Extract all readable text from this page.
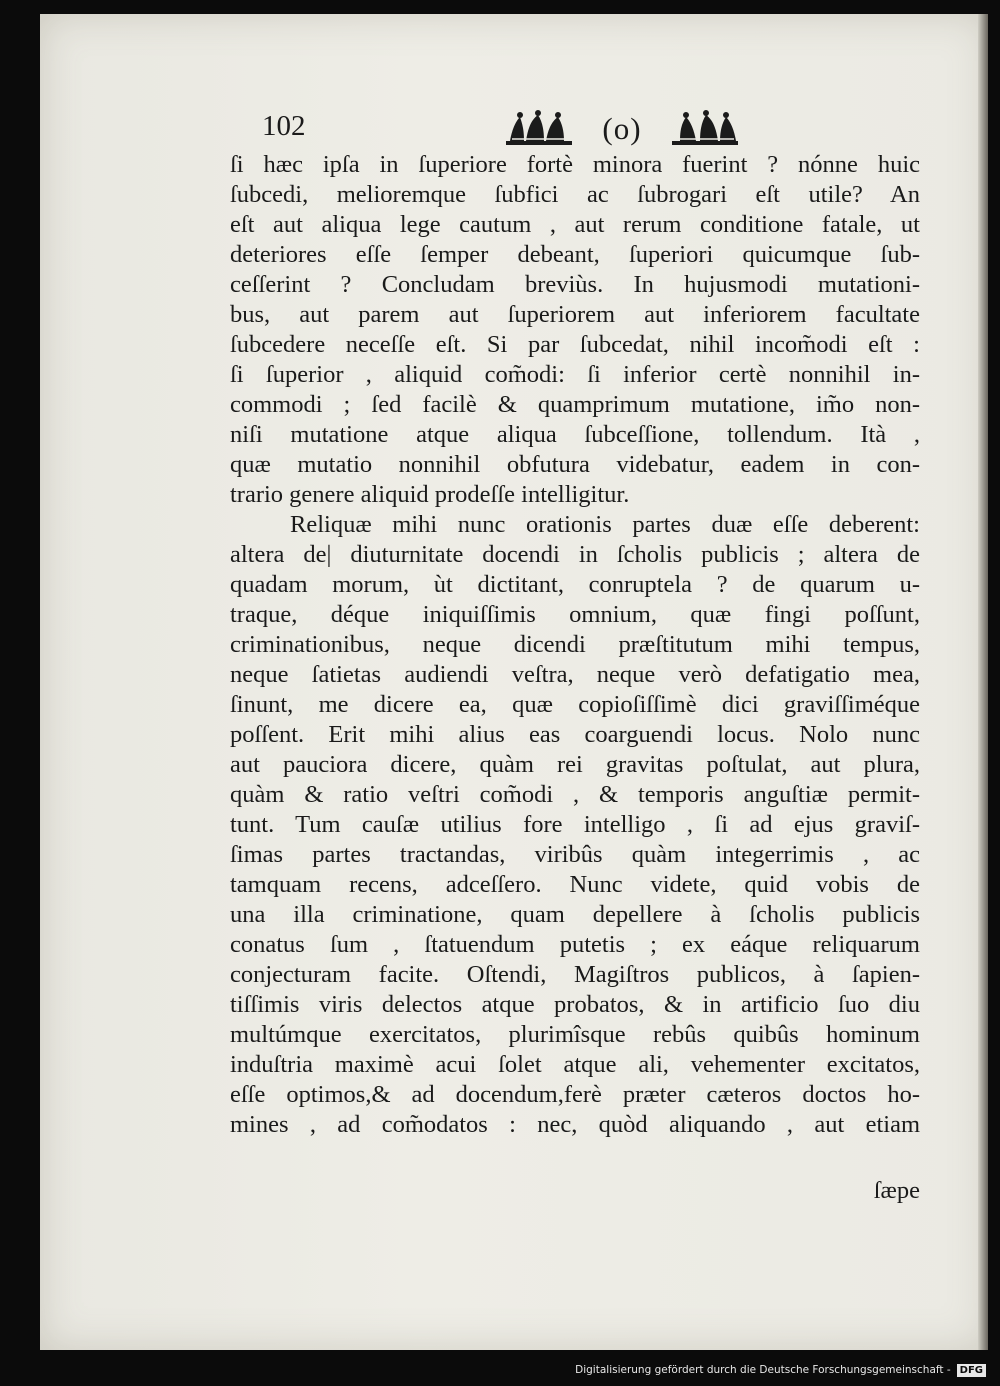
102	(o)
ſi hæc ipſa in ſuperiore fortè minora fuerint ? nónne huic
ſubcedi, melioremque ſubfici ac ſubrogari eſt utile? An
eſt aut aliqua lege cautum , aut rerum conditione fatale, ut
deteriores eſſe ſemper debeant, ſuperiori quicumque ſub-
ceſſerint ? Concludam breviùs. In hujusmodi mutationi-
bus, aut parem aut ſuperiorem aut inferiorem facultate
ſubcedere neceſſe eſt. Si par ſubcedat, nihil incom̃odi eſt :
ſi ſuperior , aliquid com̃odi: ſi inferior certè nonnihil in-
commodi ; ſed facilè & quamprimum mutatione, im̃o non-
niſi mutatione atque aliqua ſubceſſione, tollendum. Ità ,
quæ mutatio nonnihil obfutura videbatur, eadem in con-
trario genere aliquid prodeſſe intelligitur.
Reliquæ mihi nunc orationis partes duæ eſſe deberent:
altera de| diuturnitate docendi in ſcholis publicis ; altera de
quadam morum, ùt dictitant, conruptela ? de quarum u-
traque, déque iniquiſſimis omnium, quæ fingi poſſunt,
criminationibus, neque dicendi præſtitutum mihi tempus,
neque ſatietas audiendi veſtra, neque verò defatigatio mea,
ſinunt, me dicere ea, quæ copioſiſſimè dici graviſſiméque
poſſent. Erit mihi alius eas coarguendi locus. Nolo nunc
aut pauciora dicere, quàm rei gravitas poſtulat, aut plura,
quàm & ratio veſtri com̃odi , & temporis anguſtiæ permit-
tunt. Tum cauſæ utilius fore intelligo , ſi ad ejus graviſ-
ſimas partes tractandas, viribûs quàm integerrimis , ac
tamquam recens, adceſſero. Nunc videte, quid vobis de
una illa criminatione, quam depellere à ſcholis publicis
conatus ſum , ſtatuendum putetis ; ex eáque reliquarum
conjecturam facite. Oſtendi, Magiſtros publicos, à ſapien-
tiſſimis viris delectos atque probatos, & in artificio ſuo diu
multúmque exercitatos, plurimîsque rebûs quibûs hominum
induſtria maximè acui ſolet atque ali, vehementer excitatos,
eſſe optimos,& ad docendum,ferè præter cæteros doctos ho-
mines , ad com̃odatos : nec, quòd aliquando , aut etiam
ſæpe
Digitalisierung gefördert durch die Deutsche Forschungsgemeinschaft - DFG
